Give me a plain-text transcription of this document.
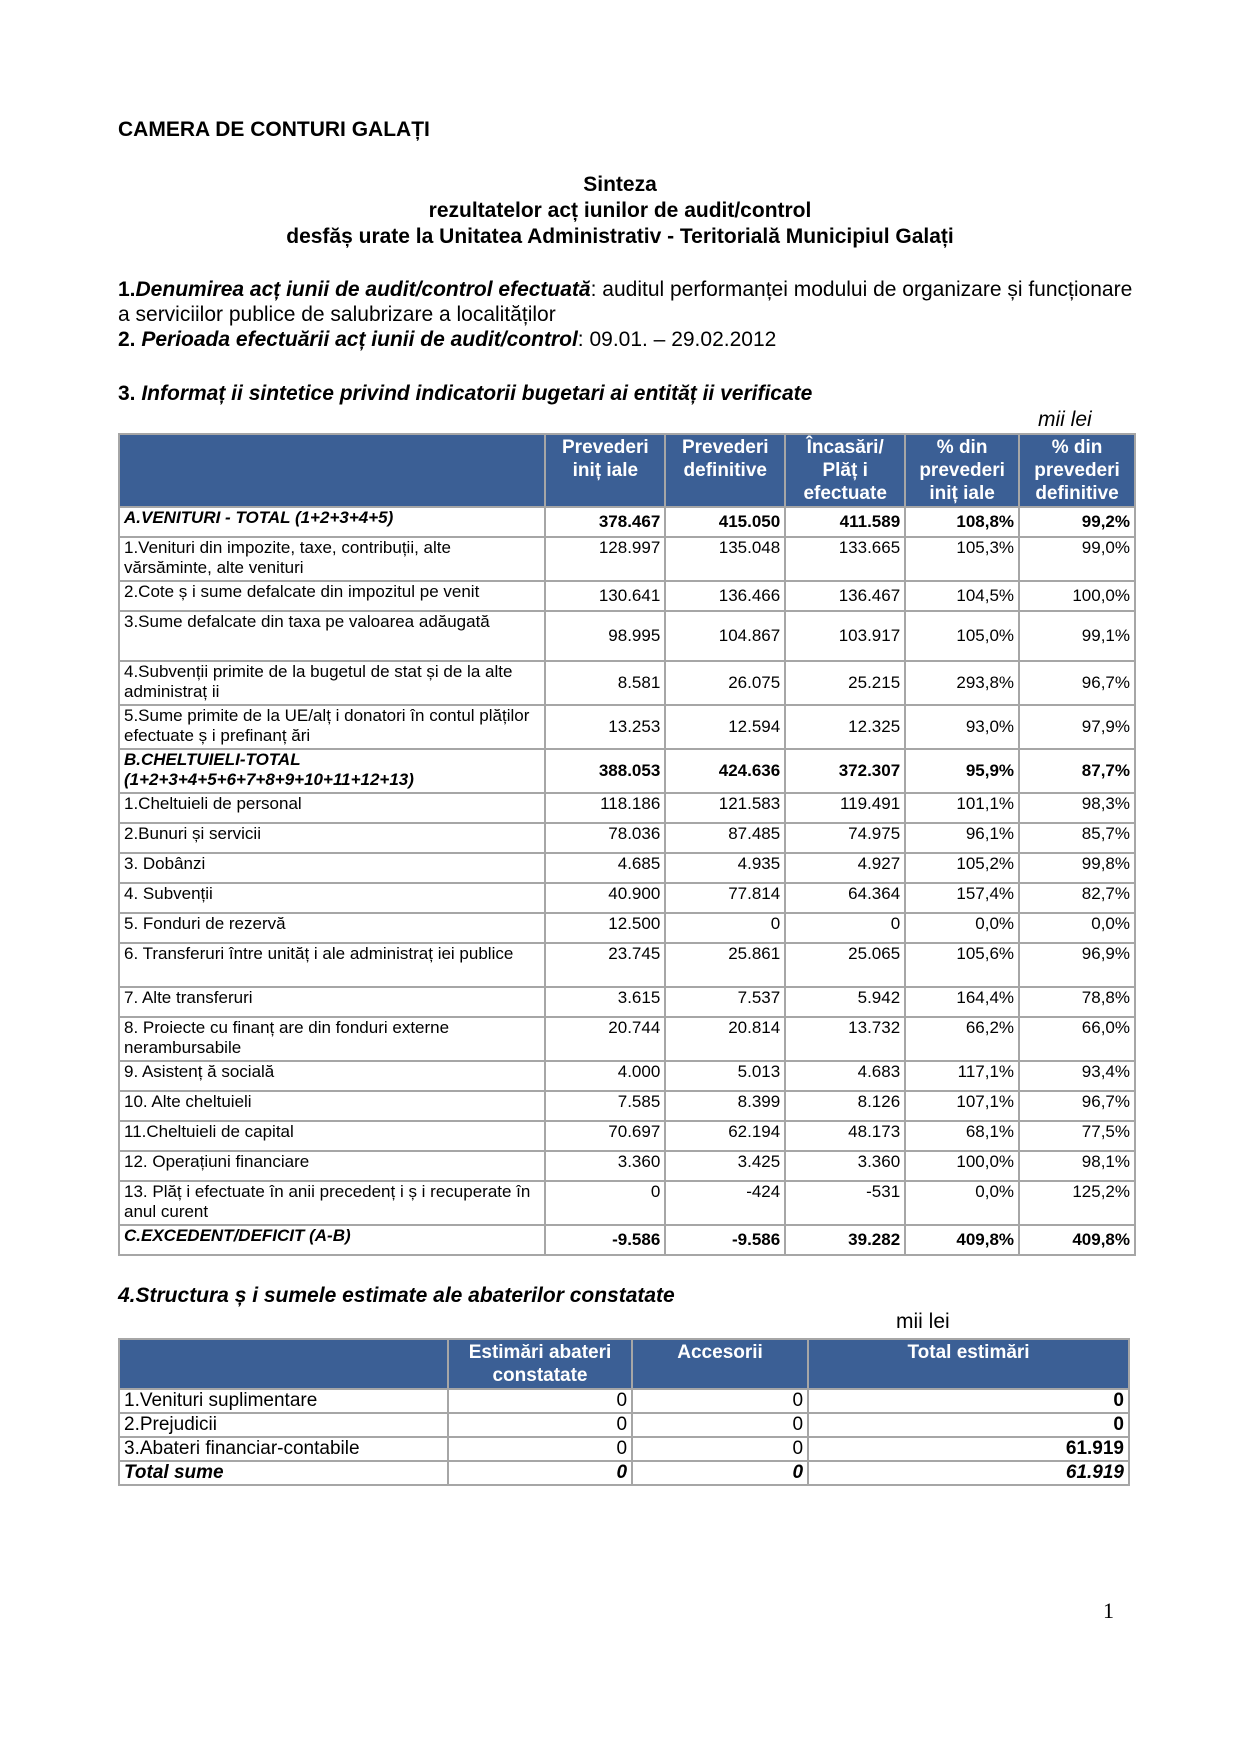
CAMERA DE CONTURI GALAȚI
Sinteza
rezultatelor acț iunilor de audit/control
desfăș urate la Unitatea Administrativ - Teritorială Municipiul Galați
1.Denumirea acț iunii de audit/control efectuată: auditul performanței modului de organizare și funcționare a serviciilor publice de salubrizare a localităților
2. Perioada efectuării acț iunii de audit/control: 09.01. – 29.02.2012
3. Informaț ii sintetice privind indicatorii bugetari ai entităț ii verificate
mii lei
	Prevederi iniț iale	Prevederi definitive	Încasări/ Plăț i efectuate	% din prevederi iniț iale	% din prevederi definitive
A.VENITURI - TOTAL (1+2+3+4+5)	378.467	415.050	411.589	108,8%	99,2%
1.Venituri din impozite, taxe, contribuții, alte vărsăminte, alte venituri	128.997	135.048	133.665	105,3%	99,0%
2.Cote ș i sume defalcate din impozitul pe venit	130.641	136.466	136.467	104,5%	100,0%
3.Sume defalcate din taxa pe valoarea adăugată	98.995	104.867	103.917	105,0%	99,1%
4.Subvenții primite de la bugetul de stat și de la alte administraț ii	8.581	26.075	25.215	293,8%	96,7%
5.Sume primite de la UE/alț i donatori în contul plăților efectuate ș i prefinanț ări	13.253	12.594	12.325	93,0%	97,9%
B.CHELTUIELI-TOTAL (1+2+3+4+5+6+7+8+9+10+11+12+13)	388.053	424.636	372.307	95,9%	87,7%
1.Cheltuieli de personal	118.186	121.583	119.491	101,1%	98,3%
2.Bunuri și servicii	78.036	87.485	74.975	96,1%	85,7%
3. Dobânzi	4.685	4.935	4.927	105,2%	99,8%
4. Subvenții	40.900	77.814	64.364	157,4%	82,7%
5. Fonduri de rezervă	12.500	0	0	0,0%	0,0%
6. Transferuri între unităț i ale administraț iei publice	23.745	25.861	25.065	105,6%	96,9%
7. Alte transferuri	3.615	7.537	5.942	164,4%	78,8%
8. Proiecte cu finanț are din fonduri externe nerambursabile	20.744	20.814	13.732	66,2%	66,0%
9. Asistenț ă socială	4.000	5.013	4.683	117,1%	93,4%
10. Alte cheltuieli	7.585	8.399	8.126	107,1%	96,7%
11.Cheltuieli de capital	70.697	62.194	48.173	68,1%	77,5%
12. Operațiuni financiare	3.360	3.425	3.360	100,0%	98,1%
13. Plăț i efectuate în anii precedenț i ș i recuperate în anul curent	0	-424	-531	0,0%	125,2%
C.EXCEDENT/DEFICIT (A-B)	-9.586	-9.586	39.282	409,8%	409,8%
4.Structura ș i sumele estimate ale abaterilor constatate
mii lei
	Estimări abateri constatate	Accesorii	Total estimări
1.Venituri suplimentare	0	0	0
2.Prejudicii	0	0	0
3.Abateri financiar-contabile	0	0	61.919
Total sume	0	0	61.919
1
